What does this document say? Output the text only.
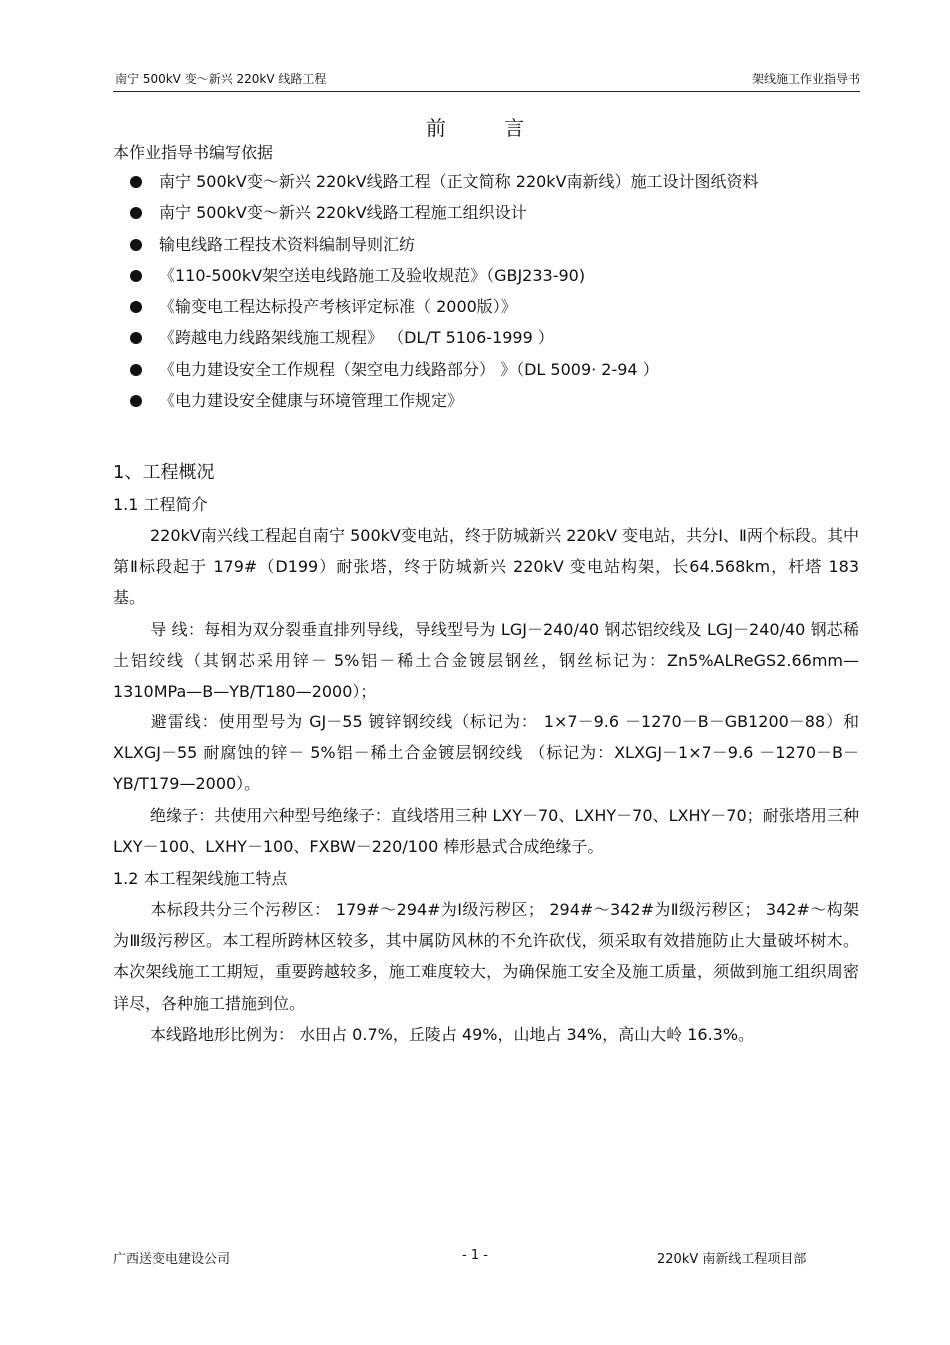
南宁 500kV 变～新兴 220kV 线路工程	架线施工作业指导书
前 言
本作业指导书编写依据
南宁 500kV变～新兴 220kV线路工程（正文简称 220kV南新线）施工设计图纸资料
南宁 500kV变～新兴 220kV线路工程施工组织设计
输电线路工程技术资料编制导则汇纺
《110-500kV架空送电线路施工及验收规范》（GBJ233-90)
《输变电工程达标投产考核评定标准（ 2000版）》
《跨越电力线路架线施工规程》 （DL/T 5106-1999 ）
《电力建设安全工作规程（架空电力线路部分） 》（DL 5009· 2-94 ）
《电力建设安全健康与环境管理工作规定》
1、工程概况
1.1 工程简介
220kV南兴线工程起自南宁 500kV变电站，终于防城新兴 220kV 变电站，共分Ⅰ、Ⅱ两个标段。其中第Ⅱ标段起于 179#（D199）耐张塔，终于防城新兴 220kV 变电站构架，长64.568km，杆塔 183 基。
导 线：每相为双分裂垂直排列导线，导线型号为 LGJ－240/40 钢芯铝绞线及 LGJ－240/40 钢芯稀土铝绞线（其钢芯采用锌－ 5%铝－稀土合金镀层钢丝，钢丝标记为：Zn5%ALReGS2.66mm—1310MPa—B—YB/T180—2000）；
避雷线：使用型号为 GJ－55 镀锌钢绞线（标记为： 1×7－9.6 －1270－B－GB1200－88）和 XLXGJ－55 耐腐蚀的锌－ 5%铝－稀土合金镀层钢绞线 （标记为：XLXGJ－1×7－9.6 －1270－B－YB/T179—2000）。
绝缘子：共使用六种型号绝缘子：直线塔用三种 LXY－70、LXHY－70、LXHY－70；耐张塔用三种 LXY－100、LXHY－100、FXBW－220/100 棒形悬式合成绝缘子。
1.2 本工程架线施工特点
本标段共分三个污秽区： 179#～294#为Ⅰ级污秽区； 294#～342#为Ⅱ级污秽区； 342#～构架为Ⅲ级污秽区。本工程所跨林区较多，其中属防风林的不允许砍伐，须采取有效措施防止大量破坏树木。本次架线施工工期短，重要跨越较多，施工难度较大，为确保施工安全及施工质量，须做到施工组织周密详尽，各种施工措施到位。
本线路地形比例为： 水田占 0.7%，丘陵占 49%，山地占 34%，高山大岭 16.3%。
广西送变电建设公司	- 1 -	220kV 南新线工程项目部
